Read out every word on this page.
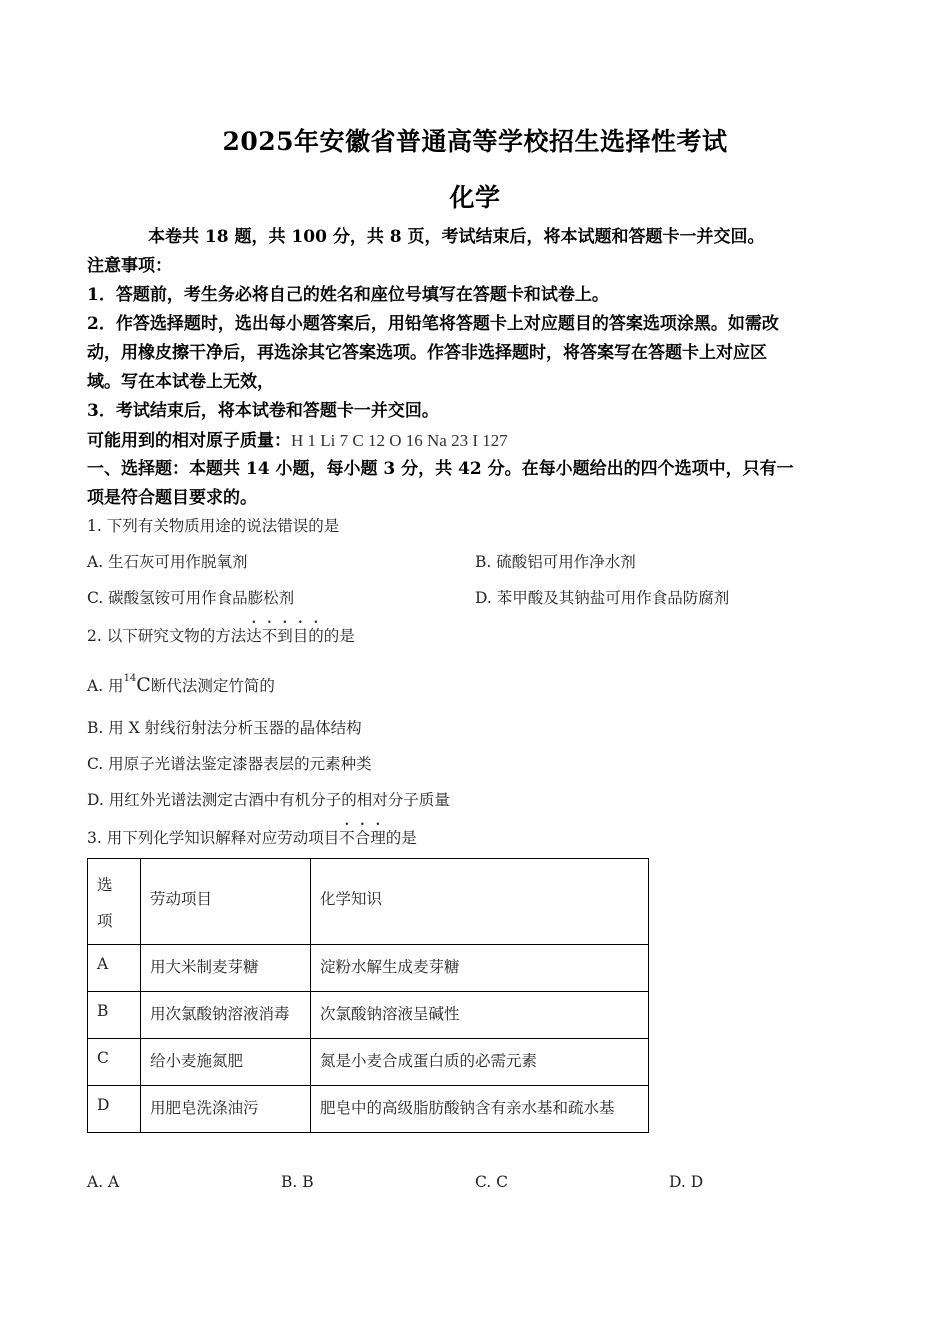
2025年安徽省普通高等学校招生选择性考试
化学
本卷共 18 题，共 100 分，共 8 页，考试结束后，将本试题和答题卡一并交回。
注意事项：
1．答题前，考生务必将自己的姓名和座位号填写在答题卡和试卷上。
2．作答选择题时，选出每小题答案后，用铅笔将答题卡上对应题目的答案选项涂黑。如需改
动，用橡皮擦干净后，再选涂其它答案选项。作答非选择题时，将答案写在答题卡上对应区
域。写在本试卷上无效，
3．考试结束后，将本试卷和答题卡一并交回。
可能用到的相对原子质量：H 1 Li 7 C 12 O 16 Na 23 I 127
一、选择题：本题共 14 小题，每小题 3 分，共 42 分。在每小题给出的四个选项中，只有一
项是符合题目要求的。
1. 下列有关物质用途的说法错误的是
A. 生石灰可用作脱氧剂	B. 硫酸铝可用作净水剂
C. 碳酸氢铵可用作食品膨松剂	D. 苯甲酸及其钠盐可用作食品防腐剂
2. 以下研究文物的方法达不到目的的是
A. 用$^{14}$C断代法测定竹简的
B. 用 X 射线衍射法分析玉器的晶体结构
C. 用原子光谱法鉴定漆器表层的元素种类
D. 用红外光谱法测定古酒中有机分子的相对分子质量
3. 用下列化学知识解释对应劳动项目不合理的是
选
项	劳动项目	化学知识
A	用大米制麦芽糖	淀粉水解生成麦芽糖
B	用次氯酸钠溶液消毒	次氯酸钠溶液呈碱性
C	给小麦施氮肥	氮是小麦合成蛋白质的必需元素
D	用肥皂洗涤油污	肥皂中的高级脂肪酸钠含有亲水基和疏水基
A. A	B. B	C. C	D. D
